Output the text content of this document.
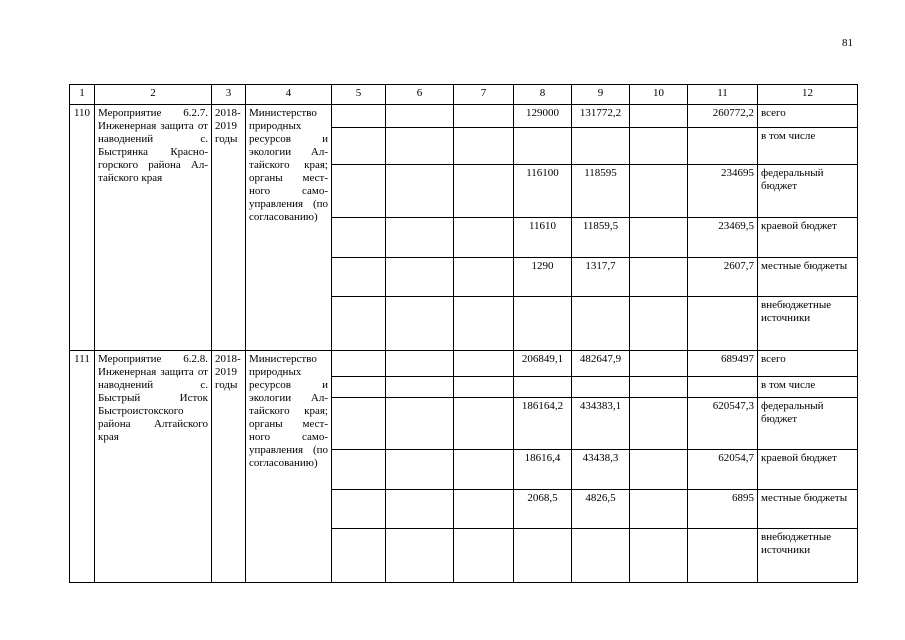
81
1	2	3	4	5	6	7	8	9	10	11	12
110	Мероприятие 6.2.7. Инженерная защита от наводнений с. Быстрянка Красно-горского района Ал-тайского края	2018-2019 годы	Министерство природных ресурсов и экологии Ал-тайского края; органы мест-ного само-управления (по согласованию)				129000	131772,2		260772,2	всего
											в том числе
							116100	118595		234695	федеральный бюджет
							11610	11859,5		23469,5	краевой бюджет
							1290	1317,7		2607,7	местные бюджеты
											внебюджетные источники
111	Мероприятие 6.2.8. Инженерная защита от наводнений с. Быстрый Исток Быстроистокского района Алтайского края	2018-2019 годы	Министерство природных ресурсов и экологии Ал-тайского края; органы мест-ного само-управления (по согласованию)				206849,1	482647,9		689497	всего
											в том числе
							186164,2	434383,1		620547,3	федеральный бюджет
							18616,4	43438,3		62054,7	краевой бюджет
							2068,5	4826,5		6895	местные бюджеты
											внебюджетные источники
